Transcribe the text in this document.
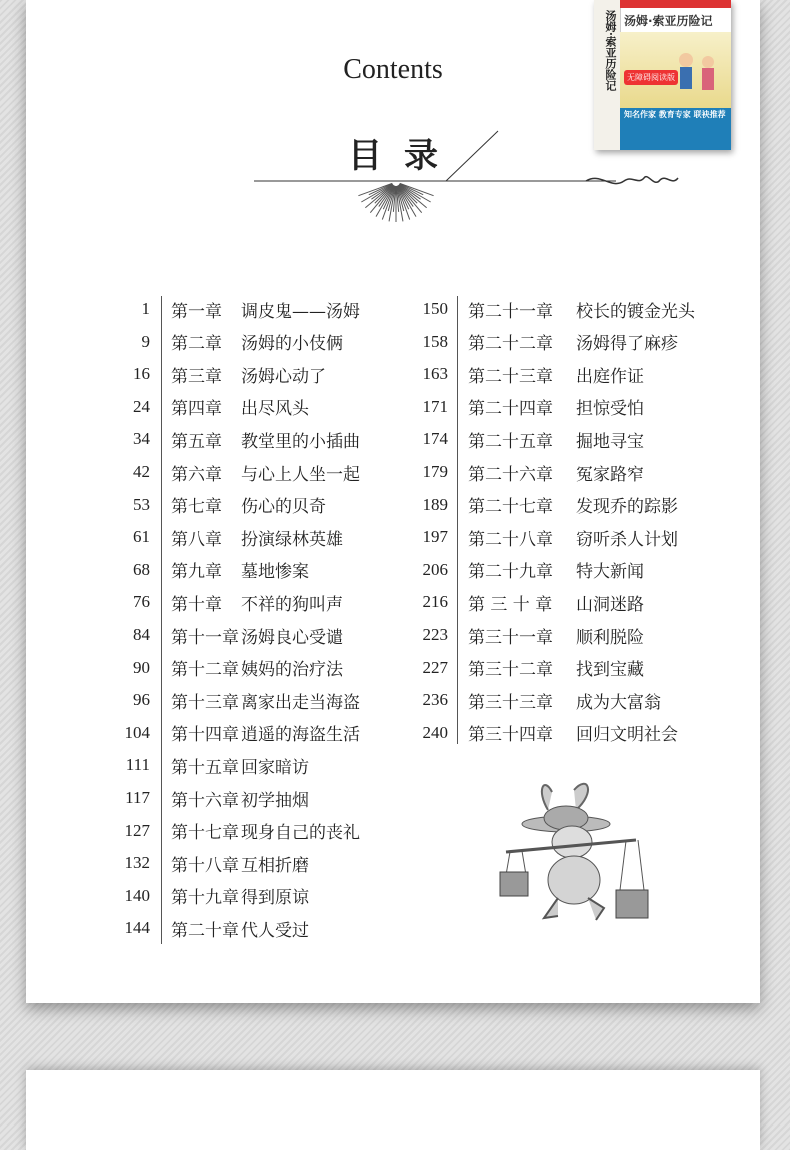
Contents
目录
汤姆·索亚历险记 汤姆·索亚历险记
无障碍阅读版
知名作家 教育专家 联袂推荐
1 第一章	调皮鬼——汤姆
9 第二章	汤姆的小伎俩
16 第三章	汤姆心动了
24 第四章	出尽风头
34 第五章	教堂里的小插曲
42 第六章	与心上人坐一起
53 第七章	伤心的贝奇
61 第八章	扮演绿林英雄
68 第九章	墓地惨案
76 第十章	不祥的狗叫声
84 第十一章 汤姆良心受谴
90 第十二章 姨妈的治疗法
96 第十三章 离家出走当海盗
104 第十四章 逍遥的海盗生活
111 第十五章 回家暗访
117 第十六章 初学抽烟
127 第十七章 现身自己的丧礼
132 第十八章 互相折磨
140 第十九章 得到原谅
144 第二十章 代人受过
150 第二十一章	校长的镀金光头
158 第二十二章	汤姆得了麻疹
163 第二十三章	出庭作证
171 第二十四章	担惊受怕
174 第二十五章	掘地寻宝
179 第二十六章	冤家路窄
189 第二十七章	发现乔的踪影
197 第二十八章	窃听杀人计划
206 第二十九章	特大新闻
216 第 三 十 章	山洞迷路
223 第三十一章	顺利脱险
227 第三十二章	找到宝藏
236 第三十三章	成为大富翁
240 第三十四章	回归文明社会
